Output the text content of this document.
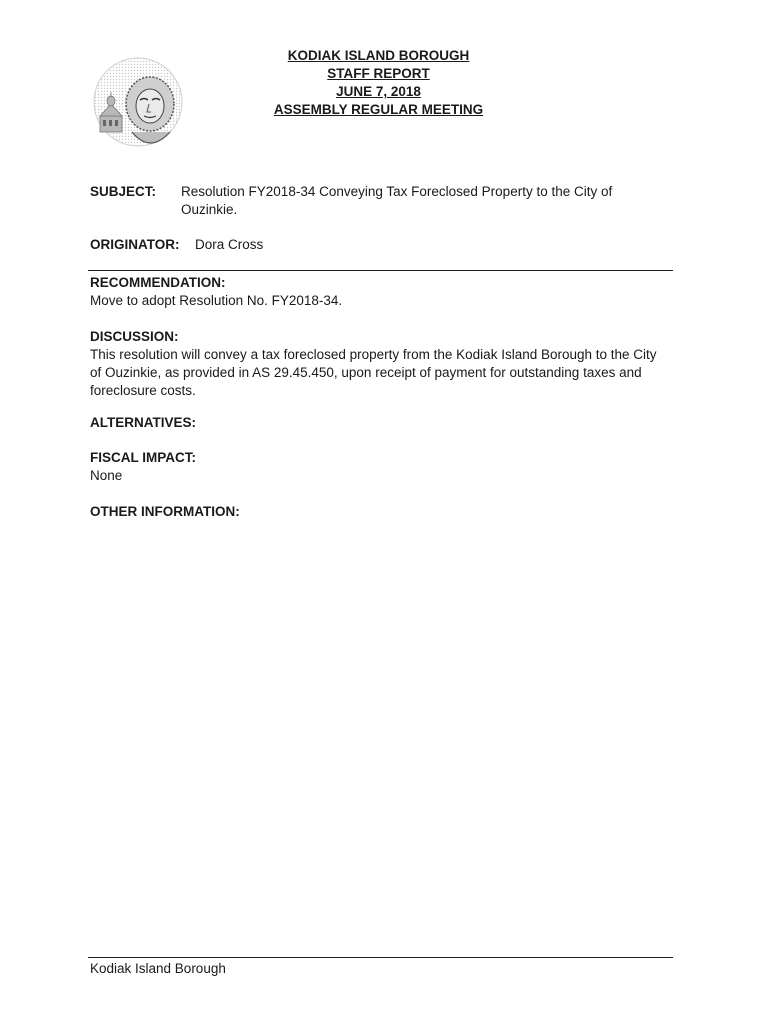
KODIAK ISLAND BOROUGH
STAFF REPORT
JUNE 7, 2018
ASSEMBLY REGULAR MEETING
SUBJECT: Resolution FY2018-34 Conveying Tax Foreclosed Property to the City of Ouzinkie.
ORIGINATOR: Dora Cross
RECOMMENDATION:
Move to adopt Resolution No. FY2018-34.
DISCUSSION:
This resolution will convey a tax foreclosed property from the Kodiak Island Borough to the City of Ouzinkie, as provided in AS 29.45.450, upon receipt of payment for outstanding taxes and foreclosure costs.
ALTERNATIVES:
FISCAL IMPACT:
None
OTHER INFORMATION:
Kodiak Island Borough
